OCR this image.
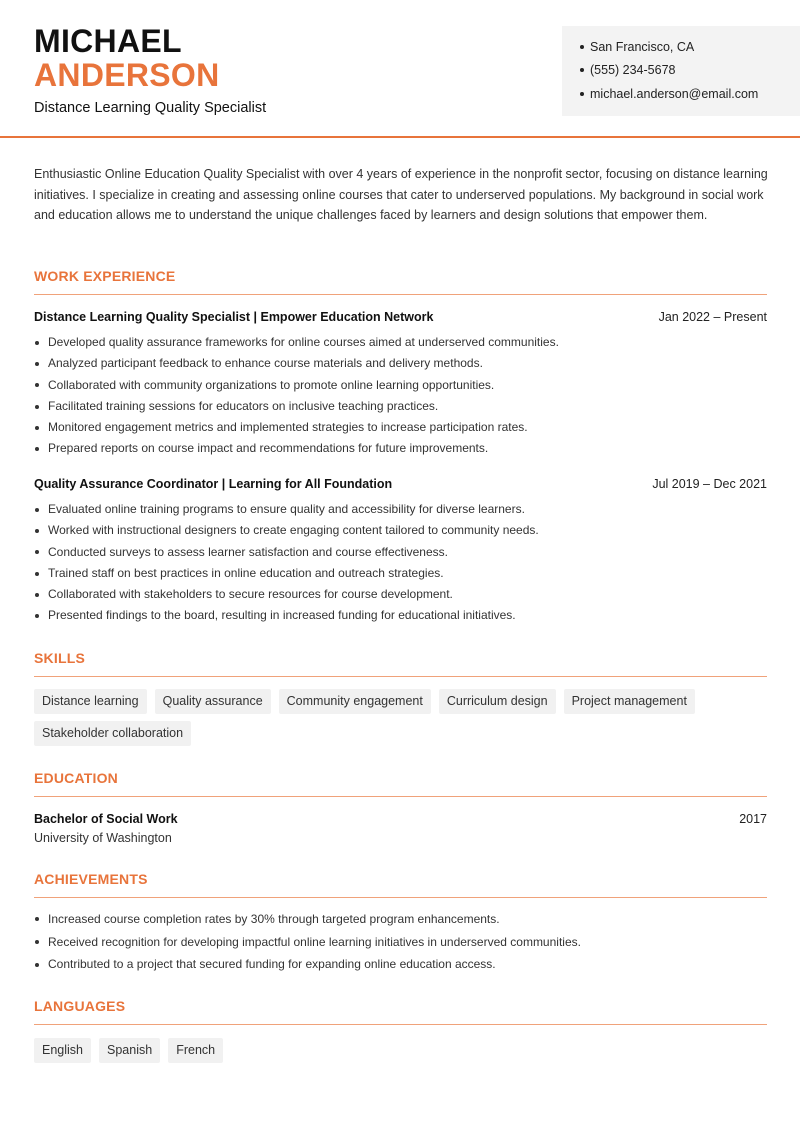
MICHAEL
ANDERSON
Distance Learning Quality Specialist
San Francisco, CA
(555) 234-5678
michael.anderson@email.com

Enthusiastic Online Education Quality Specialist with over 4 years of experience in the nonprofit sector, focusing on distance learning initiatives. I specialize in creating and assessing online courses that cater to underserved populations. My background in social work and education allows me to understand the unique challenges faced by learners and design solutions that empower them.

WORK EXPERIENCE
Distance Learning Quality Specialist | Empower Education Network	Jan 2022 – Present
Developed quality assurance frameworks for online courses aimed at underserved communities.
Analyzed participant feedback to enhance course materials and delivery methods.
Collaborated with community organizations to promote online learning opportunities.
Facilitated training sessions for educators on inclusive teaching practices.
Monitored engagement metrics and implemented strategies to increase participation rates.
Prepared reports on course impact and recommendations for future improvements.
Quality Assurance Coordinator | Learning for All Foundation	Jul 2019 – Dec 2021
Evaluated online training programs to ensure quality and accessibility for diverse learners.
Worked with instructional designers to create engaging content tailored to community needs.
Conducted surveys to assess learner satisfaction and course effectiveness.
Trained staff on best practices in online education and outreach strategies.
Collaborated with stakeholders to secure resources for course development.
Presented findings to the board, resulting in increased funding for educational initiatives.
SKILLS
Distance learning	Quality assurance	Community engagement	Curriculum design	Project management
Stakeholder collaboration
EDUCATION
Bachelor of Social Work	2017
University of Washington
ACHIEVEMENTS
Increased course completion rates by 30% through targeted program enhancements.
Received recognition for developing impactful online learning initiatives in underserved communities.
Contributed to a project that secured funding for expanding online education access.
LANGUAGES
English	Spanish	French
